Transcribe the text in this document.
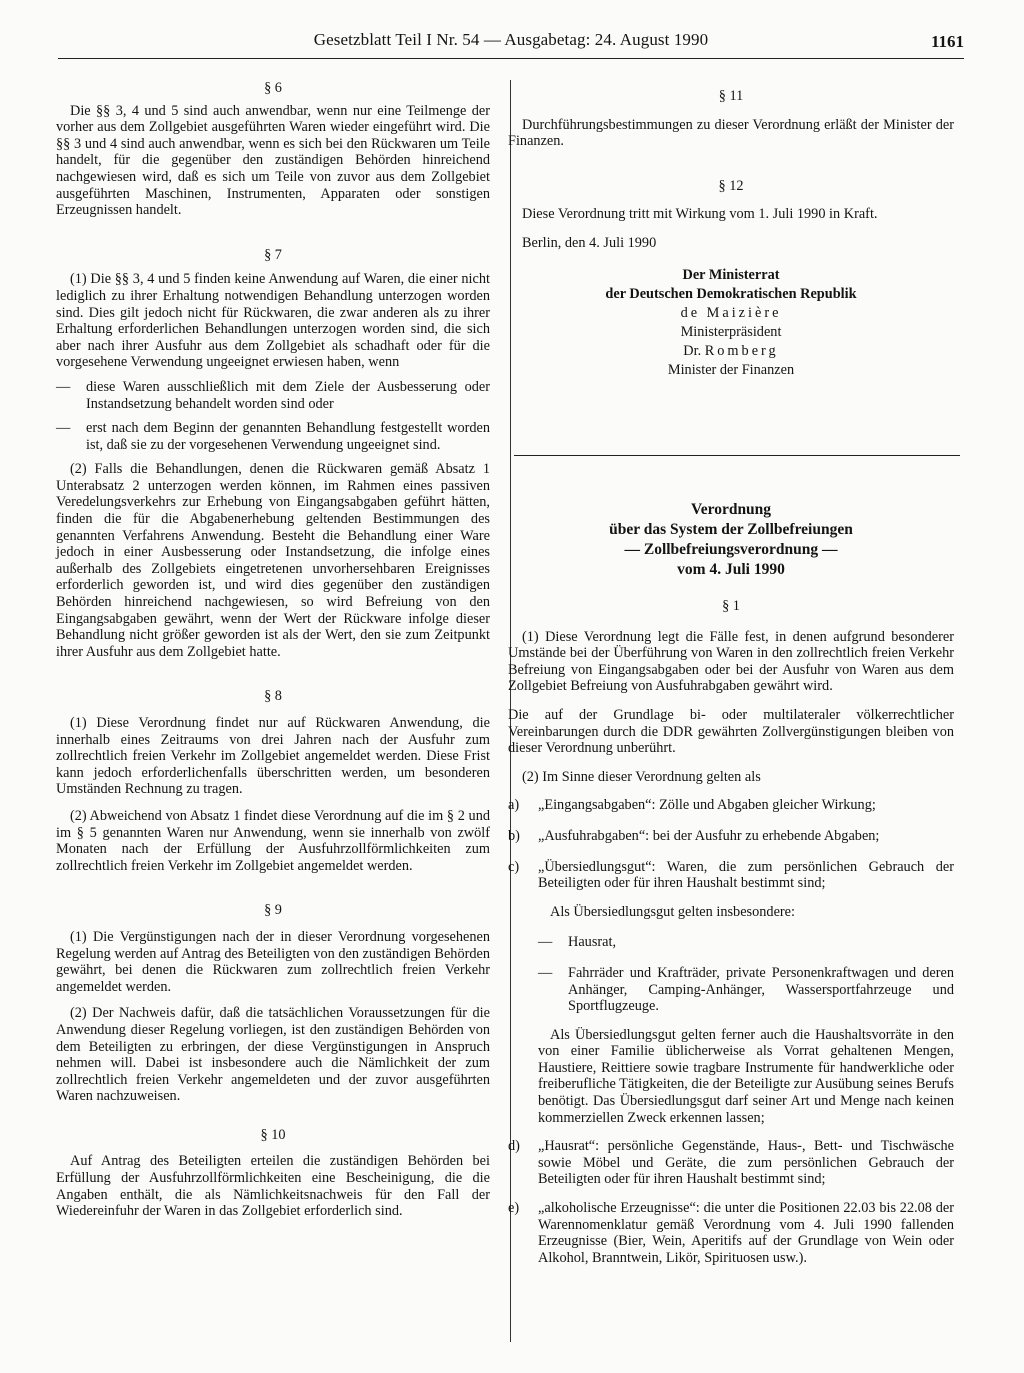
Gesetzblatt Teil I Nr. 54 — Ausgabetag: 24. August 1990	1161

§ 6

Die §§ 3, 4 und 5 sind auch anwendbar, wenn nur eine Teilmenge der vorher aus dem Zollgebiet ausgeführten Waren wieder eingeführt wird. Die §§ 3 und 4 sind auch anwendbar, wenn es sich bei den Rückwaren um Teile handelt, für die gegenüber den zuständigen Behörden hinreichend nachgewiesen wird, daß es sich um Teile von zuvor aus dem Zollgebiet ausgeführten Maschinen, Instrumenten, Apparaten oder sonstigen Erzeugnissen handelt.

§ 7

(1) Die §§ 3, 4 und 5 finden keine Anwendung auf Waren, die einer nicht lediglich zu ihrer Erhaltung notwendigen Behandlung unterzogen worden sind. Dies gilt jedoch nicht für Rückwaren, die zwar anderen als zu ihrer Erhaltung erforderlichen Behandlungen unterzogen worden sind, die sich aber nach ihrer Ausfuhr aus dem Zollgebiet als schadhaft oder für die vorgesehene Verwendung ungeeignet erwiesen haben, wenn

—	diese Waren ausschließlich mit dem Ziele der Ausbesserung oder Instandsetzung behandelt worden sind oder
—	erst nach dem Beginn der genannten Behandlung festgestellt worden ist, daß sie zu der vorgesehenen Verwendung ungeeignet sind.

(2) Falls die Behandlungen, denen die Rückwaren gemäß Absatz 1 Unterabsatz 2 unterzogen werden können, im Rahmen eines passiven Veredelungsverkehrs zur Erhebung von Eingangsabgaben geführt hätten, finden die für die Abgabenerhebung geltenden Bestimmungen des genannten Verfahrens Anwendung. Besteht die Behandlung einer Ware jedoch in einer Ausbesserung oder Instandsetzung, die infolge eines außerhalb des Zollgebiets eingetretenen unvorhersehbaren Ereignisses erforderlich geworden ist, und wird dies gegenüber den zuständigen Behörden hinreichend nachgewiesen, so wird Befreiung von den Eingangsabgaben gewährt, wenn der Wert der Rückware infolge dieser Behandlung nicht größer geworden ist als der Wert, den sie zum Zeitpunkt ihrer Ausfuhr aus dem Zollgebiet hatte.

§ 8

(1) Diese Verordnung findet nur auf Rückwaren Anwendung, die innerhalb eines Zeitraums von drei Jahren nach der Ausfuhr zum zollrechtlich freien Verkehr im Zollgebiet angemeldet werden. Diese Frist kann jedoch erforderlichenfalls überschritten werden, um besonderen Umständen Rechnung zu tragen.

(2) Abweichend von Absatz 1 findet diese Verordnung auf die im § 2 und im § 5 genannten Waren nur Anwendung, wenn sie innerhalb von zwölf Monaten nach der Erfüllung der Ausfuhrzollförmlichkeiten zum zollrechtlich freien Verkehr im Zollgebiet angemeldet werden.

§ 9

(1) Die Vergünstigungen nach der in dieser Verordnung vorgesehenen Regelung werden auf Antrag des Beteiligten von den zuständigen Behörden gewährt, bei denen die Rückwaren zum zollrechtlich freien Verkehr angemeldet werden.

(2) Der Nachweis dafür, daß die tatsächlichen Voraussetzungen für die Anwendung dieser Regelung vorliegen, ist den zuständigen Behörden von dem Beteiligten zu erbringen, der diese Vergünstigungen in Anspruch nehmen will. Dabei ist insbesondere auch die Nämlichkeit der zum zollrechtlich freien Verkehr angemeldeten und der zuvor ausgeführten Waren nachzuweisen.

§ 10

Auf Antrag des Beteiligten erteilen die zuständigen Behörden bei Erfüllung der Ausfuhrzollförmlichkeiten eine Bescheinigung, die die Angaben enthält, die als Nämlichkeitsnachweis für den Fall der Wiedereinfuhr der Waren in das Zollgebiet erforderlich sind.

§ 11

Durchführungsbestimmungen zu dieser Verordnung erläßt der Minister der Finanzen.

§ 12

Diese Verordnung tritt mit Wirkung vom 1. Juli 1990 in Kraft.

Berlin, den 4. Juli 1990

Der Ministerrat

der Deutschen Demokratischen Republik

de Maizière

Ministerpräsident

Dr. Romberg

Minister der Finanzen

Verordnung

über das System der Zollbefreiungen

— Zollbefreiungsverordnung —

vom 4. Juli 1990

§ 1

(1) Diese Verordnung legt die Fälle fest, in denen aufgrund besonderer Umstände bei der Überführung von Waren in den zollrechtlich freien Verkehr Befreiung von Eingangsabgaben oder bei der Ausfuhr von Waren aus dem Zollgebiet Befreiung von Ausfuhrabgaben gewährt wird.

Die auf der Grundlage bi- oder multilateraler völkerrechtlicher Vereinbarungen durch die DDR gewährten Zollvergünstigungen bleiben von dieser Verordnung unberührt.

(2) Im Sinne dieser Verordnung gelten als

a)	„Eingangsabgaben“: Zölle und Abgaben gleicher Wirkung;
b)	„Ausfuhrabgaben“: bei der Ausfuhr zu erhebende Abgaben;
c)	„Übersiedlungsgut“: Waren, die zum persönlichen Gebrauch der Beteiligten oder für ihren Haushalt bestimmt sind;

Als Übersiedlungsgut gelten insbesondere:

—	Hausrat,
—	Fahrräder und Krafträder, private Personenkraftwagen und deren Anhänger, Camping-Anhänger, Wassersportfahrzeuge und Sportflugzeuge.

Als Übersiedlungsgut gelten ferner auch die Haushaltsvorräte in den von einer Familie üblicherweise als Vorrat gehaltenen Mengen, Haustiere, Reittiere sowie tragbare Instrumente für handwerkliche oder freiberufliche Tätigkeiten, die der Beteiligte zur Ausübung seines Berufs benötigt. Das Übersiedlungsgut darf seiner Art und Menge nach keinen kommerziellen Zweck erkennen lassen;

d)	„Hausrat“: persönliche Gegenstände, Haus-, Bett- und Tischwäsche sowie Möbel und Geräte, die zum persönlichen Gebrauch der Beteiligten oder für ihren Haushalt bestimmt sind;
e)	„alkoholische Erzeugnisse“: die unter die Positionen 22.03 bis 22.08 der Warennomenklatur gemäß Verordnung vom 4. Juli 1990 fallenden Erzeugnisse (Bier, Wein, Aperitifs auf der Grundlage von Wein oder Alkohol, Branntwein, Likör, Spirituosen usw.).
